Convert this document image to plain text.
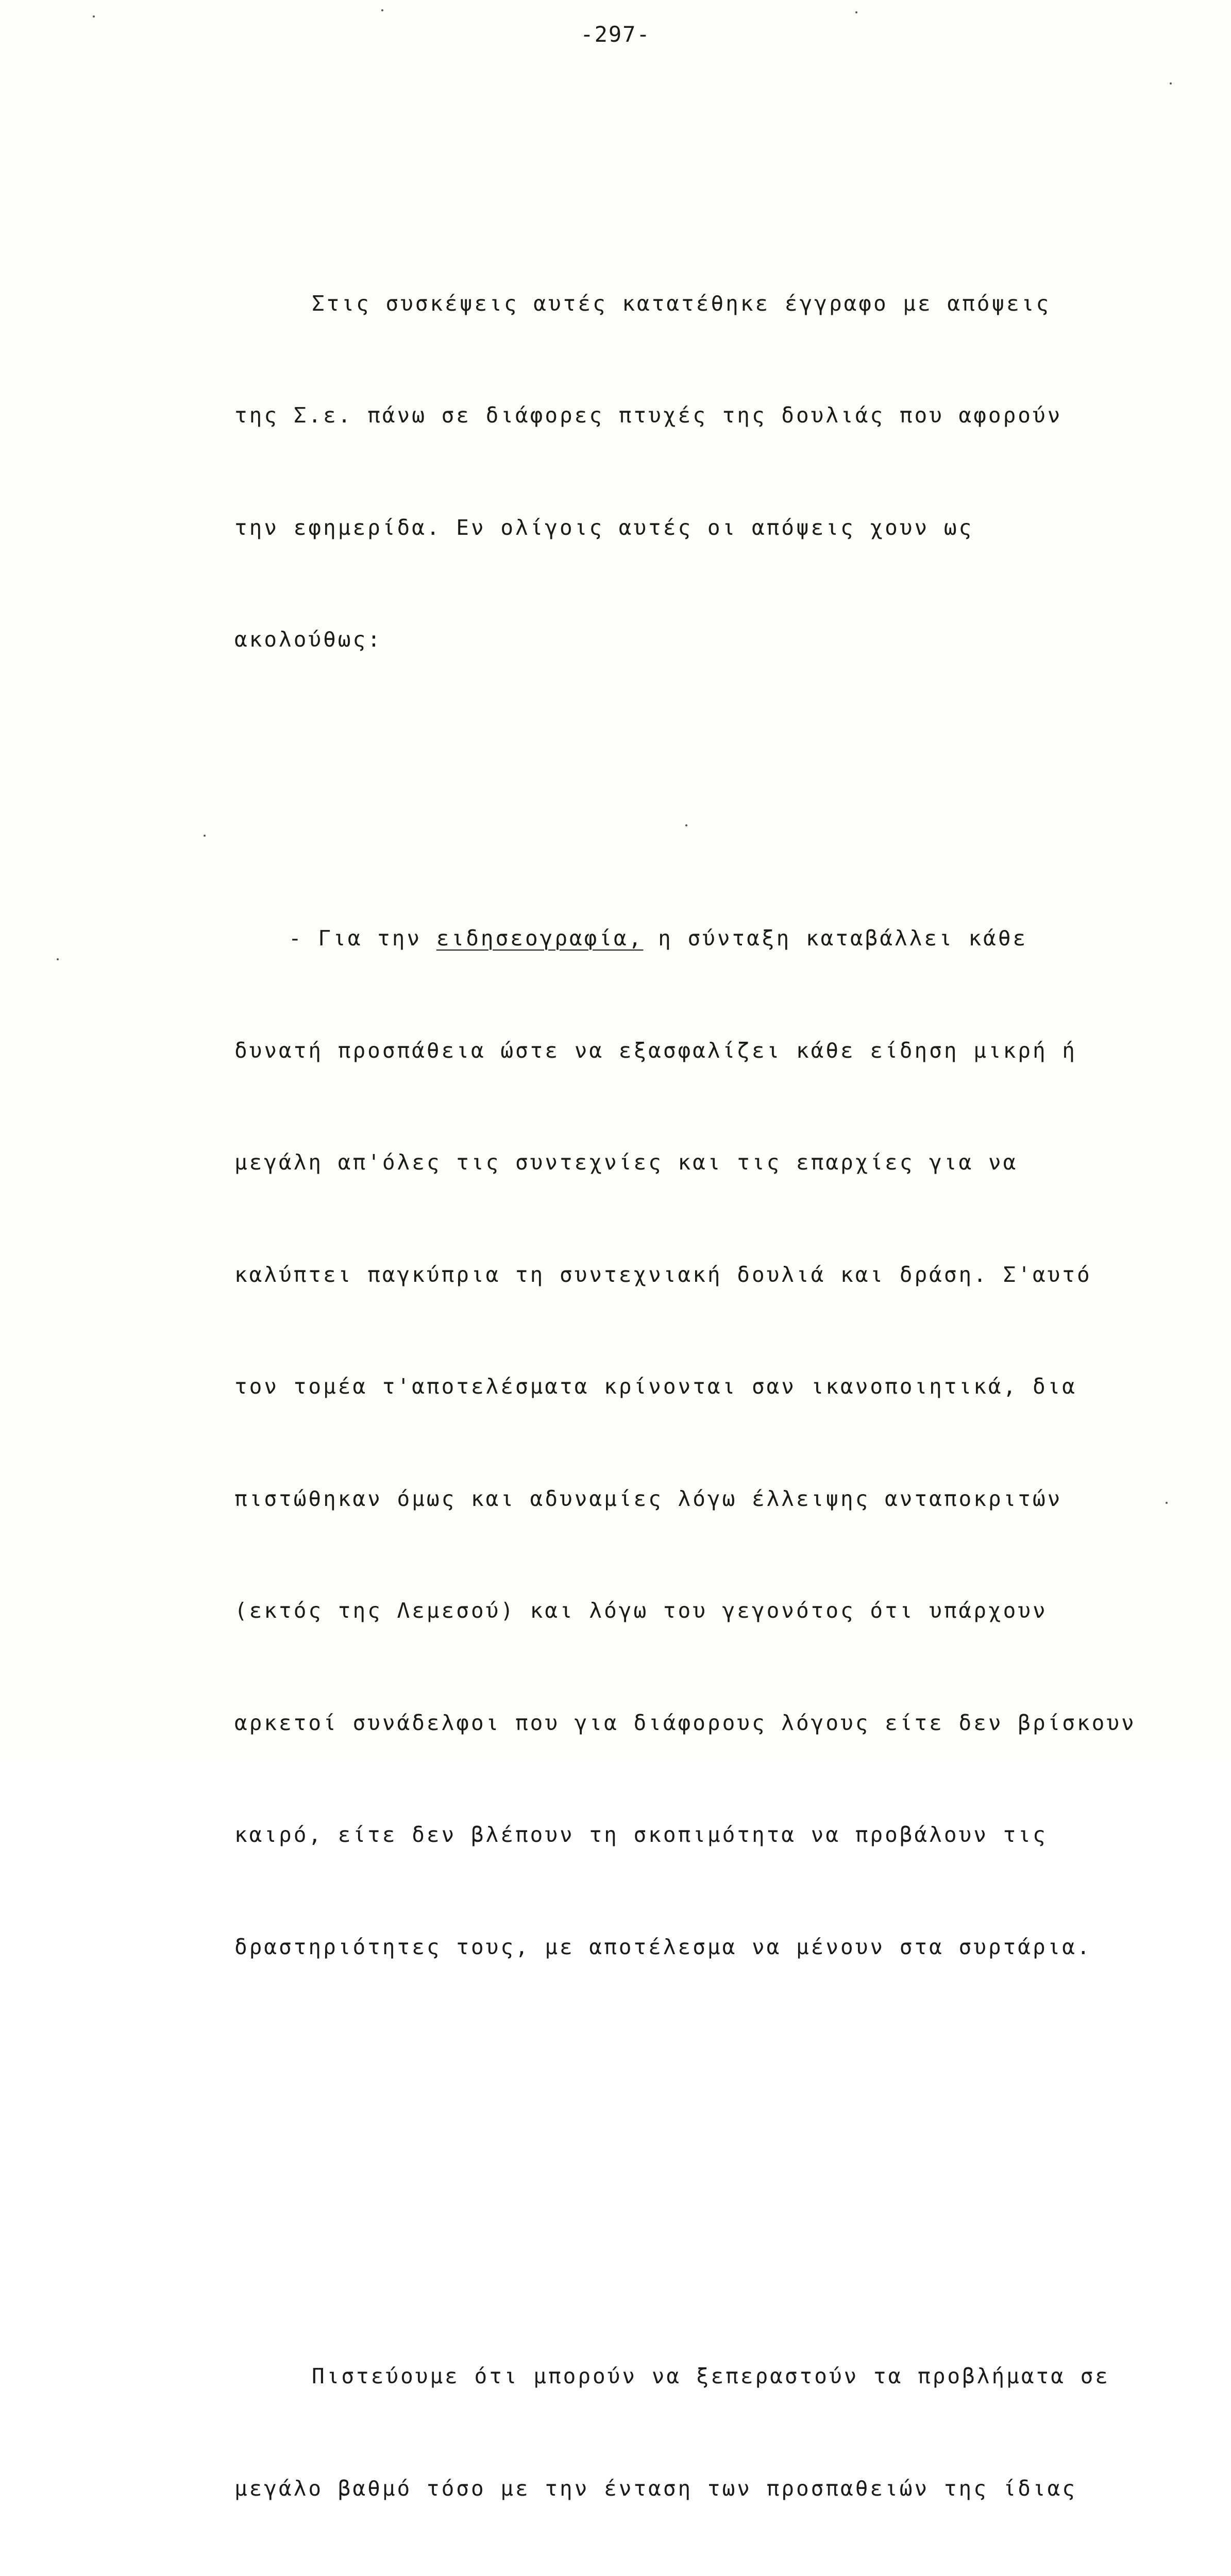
-297-

Στις συσκέψεις αυτές κατατέθηκε έγγραφο με απόψεις

της Σ.ε. πάνω σε διάφορες πτυχές της δουλιάς που αφορούν

την εφημερίδα. Εν ολίγοις αυτές οι απόψεις χουν ως

ακολούθως:

- Για την ειδησεογραφία, η σύνταξη καταβάλλει κάθε

δυνατή προσπάθεια ώστε να εξασφαλίζει κάθε είδηση μικρή ή

μεγάλη απ'όλες τις συντεχνίες και τις επαρχίες για να

καλύπτει παγκύπρια τη συντεχνιακή δουλιά και δράση. Σ'αυτό

τον τομέα τ'αποτελέσματα κρίνονται σαν ικανοποιητικά, δια

πιστώθηκαν όμως και αδυναμίες λόγω έλλειψης ανταποκριτών

(εκτός της Λεμεσού) και λόγω του γεγονότος ότι υπάρχουν

αρκετοί συνάδελφοι που για διάφορους λόγους είτε δεν βρίσκουν

καιρό, είτε δεν βλέπουν τη σκοπιμότητα να προβάλουν τις

δραστηριότητες τους, με αποτέλεσμα να μένουν στα συρτάρια.

Πιστεύουμε ότι μπορούν να ξεπεραστούν τα προβλήματα σε

μεγάλο βαθμό τόσο με την ένταση των προσπαθειών της ίδιας
